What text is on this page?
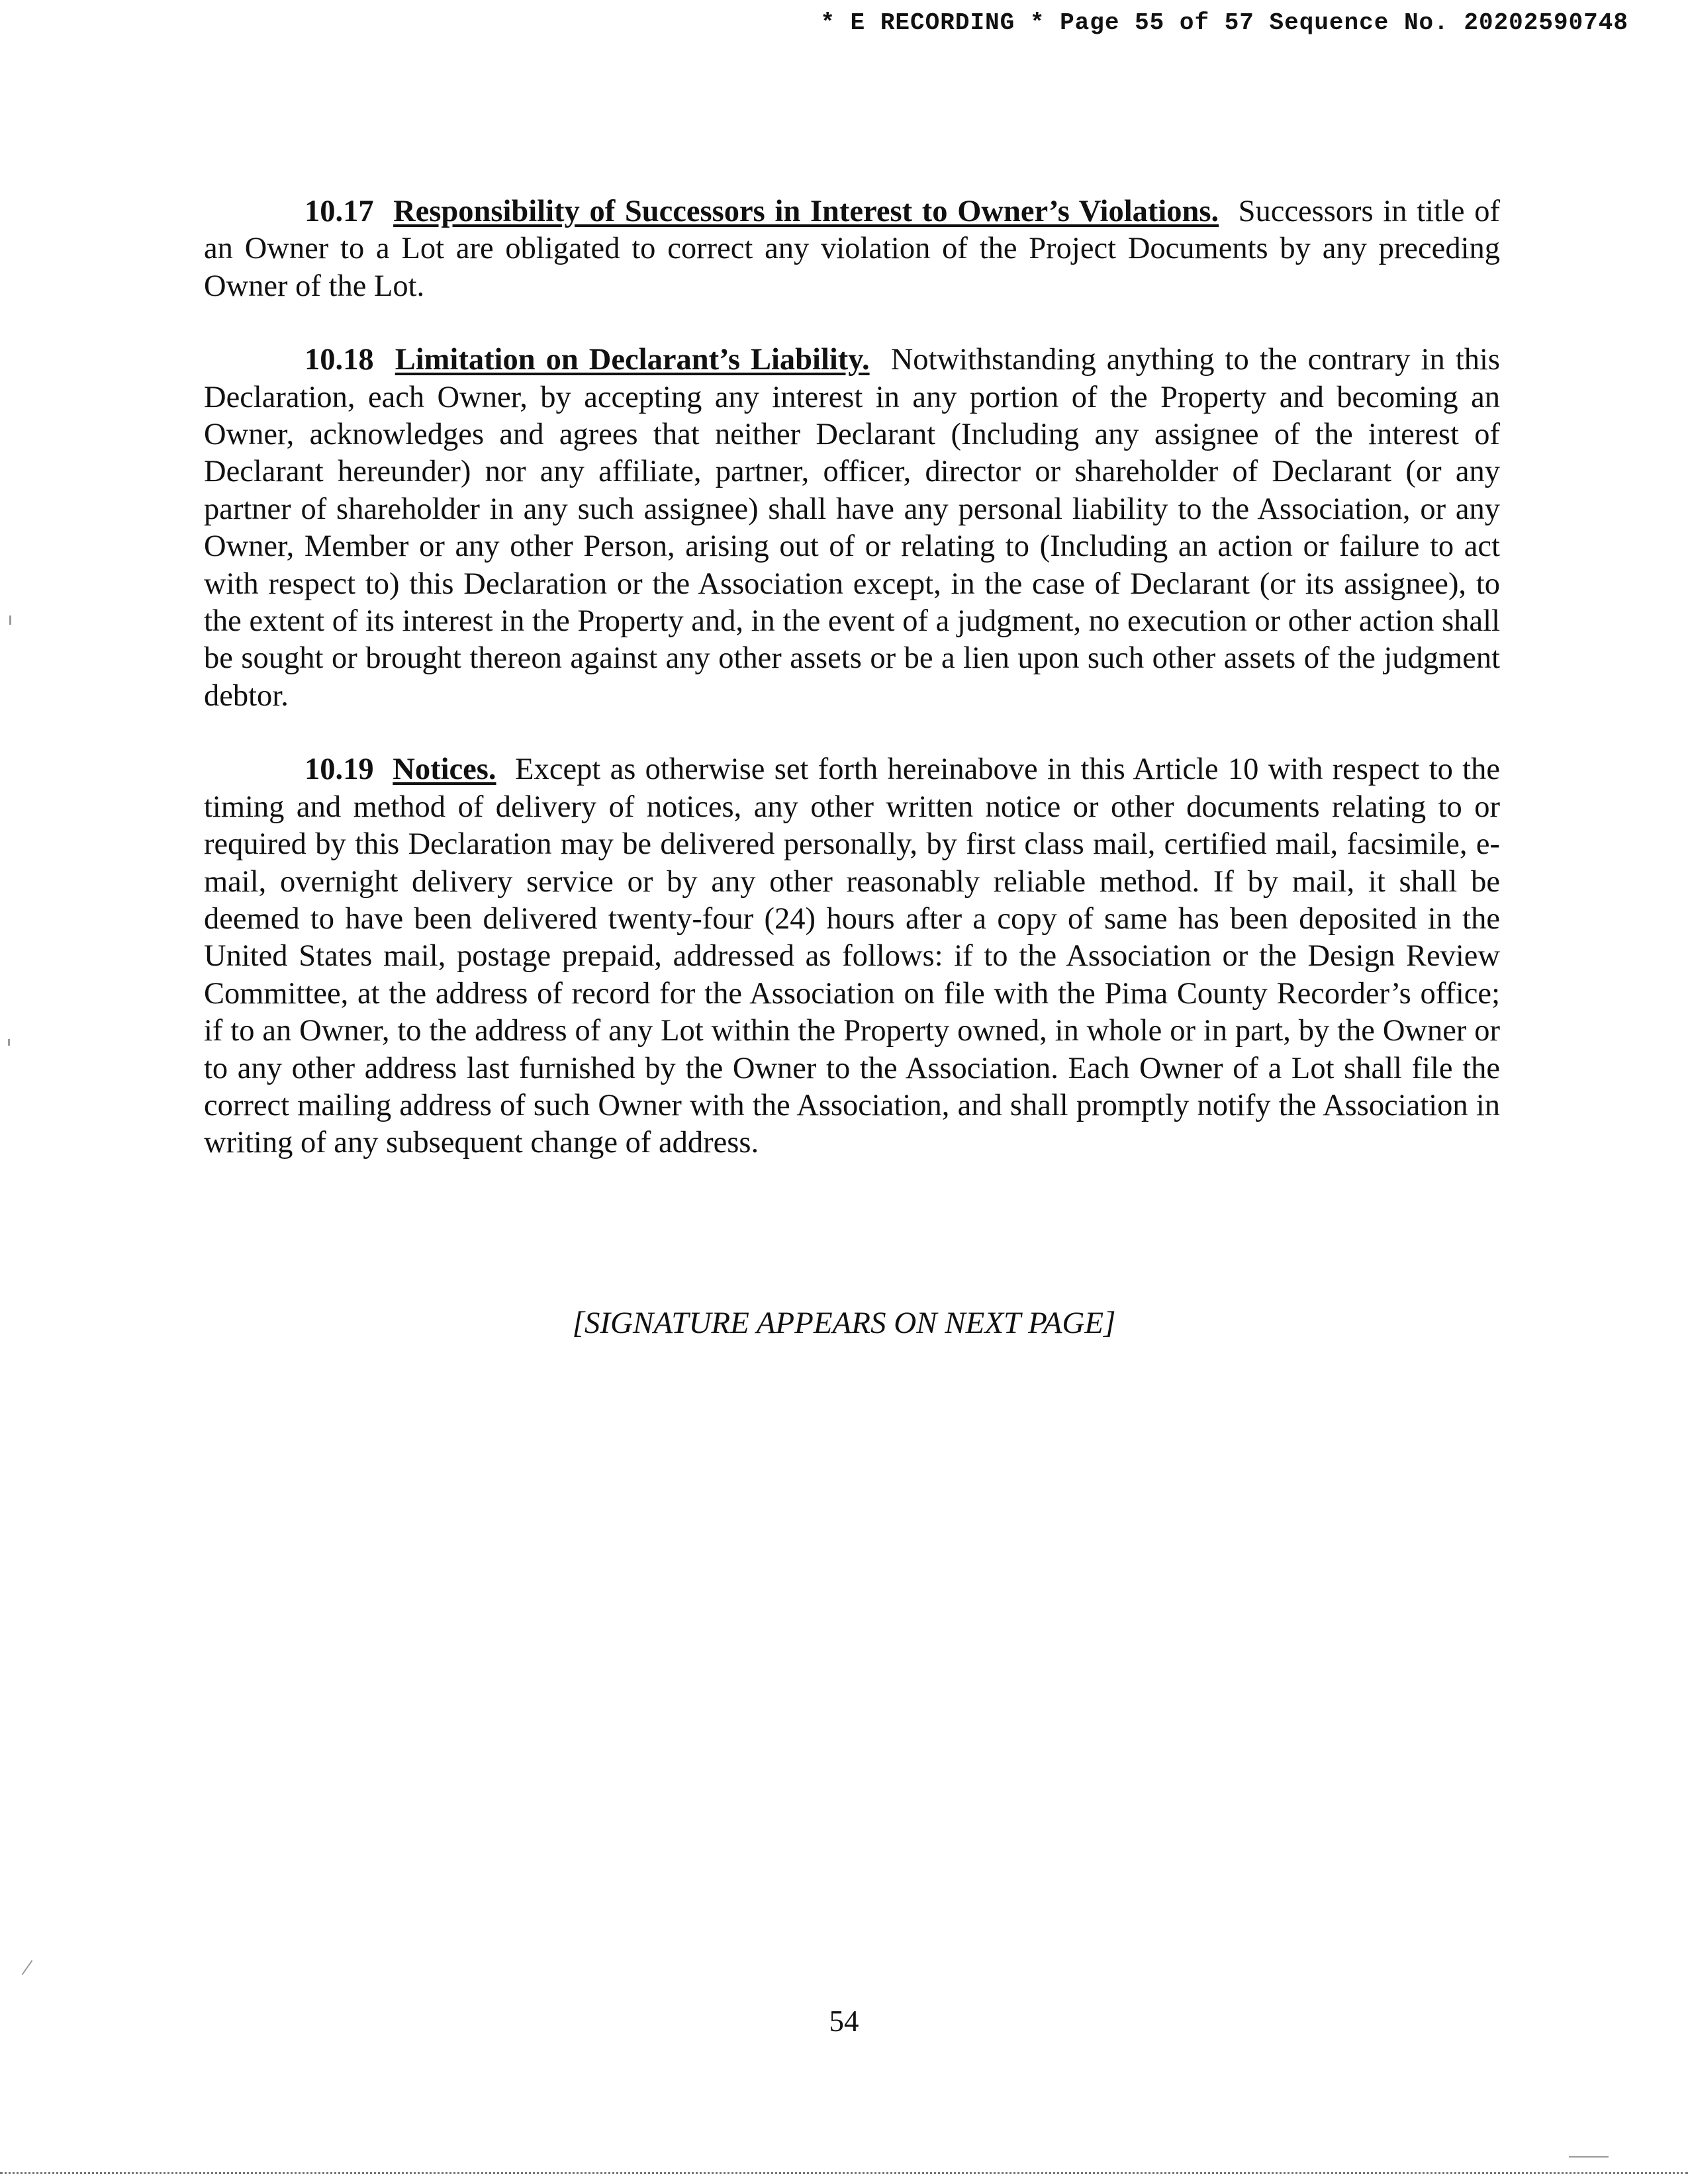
* E RECORDING * Page 55 of 57 Sequence No. 20202590748

10.17 Responsibility of Successors in Interest to Owner’s Violations. Successors in title of an Owner to a Lot are obligated to correct any violation of the Project Documents by any preceding Owner of the Lot.

10.18 Limitation on Declarant’s Liability. Notwithstanding anything to the contrary in this Declaration, each Owner, by accepting any interest in any portion of the Property and becoming an Owner, acknowledges and agrees that neither Declarant (Including any assignee of the interest of Declarant hereunder) nor any affiliate, partner, officer, director or shareholder of Declarant (or any partner of shareholder in any such assignee) shall have any personal liability to the Association, or any Owner, Member or any other Person, arising out of or relating to (Including an action or failure to act with respect to) this Declaration or the Association except, in the case of Declarant (or its assignee), to the extent of its interest in the Property and, in the event of a judgment, no execution or other action shall be sought or brought thereon against any other assets or be a lien upon such other assets of the judgment debtor.

10.19 Notices. Except as otherwise set forth hereinabove in this Article 10 with respect to the timing and method of delivery of notices, any other written notice or other documents relating to or required by this Declaration may be delivered personally, by first class mail, certified mail, facsimile, e-mail, overnight delivery service or by any other reasonably reliable method. If by mail, it shall be deemed to have been delivered twenty-four (24) hours after a copy of same has been deposited in the United States mail, postage prepaid, addressed as follows: if to the Association or the Design Review Committee, at the address of record for the Association on file with the Pima County Recorder’s office; if to an Owner, to the address of any Lot within the Property owned, in whole or in part, by the Owner or to any other address last furnished by the Owner to the Association. Each Owner of a Lot shall file the correct mailing address of such Owner with the Association, and shall promptly notify the Association in writing of any subsequent change of address.

[SIGNATURE APPEARS ON NEXT PAGE]
54
